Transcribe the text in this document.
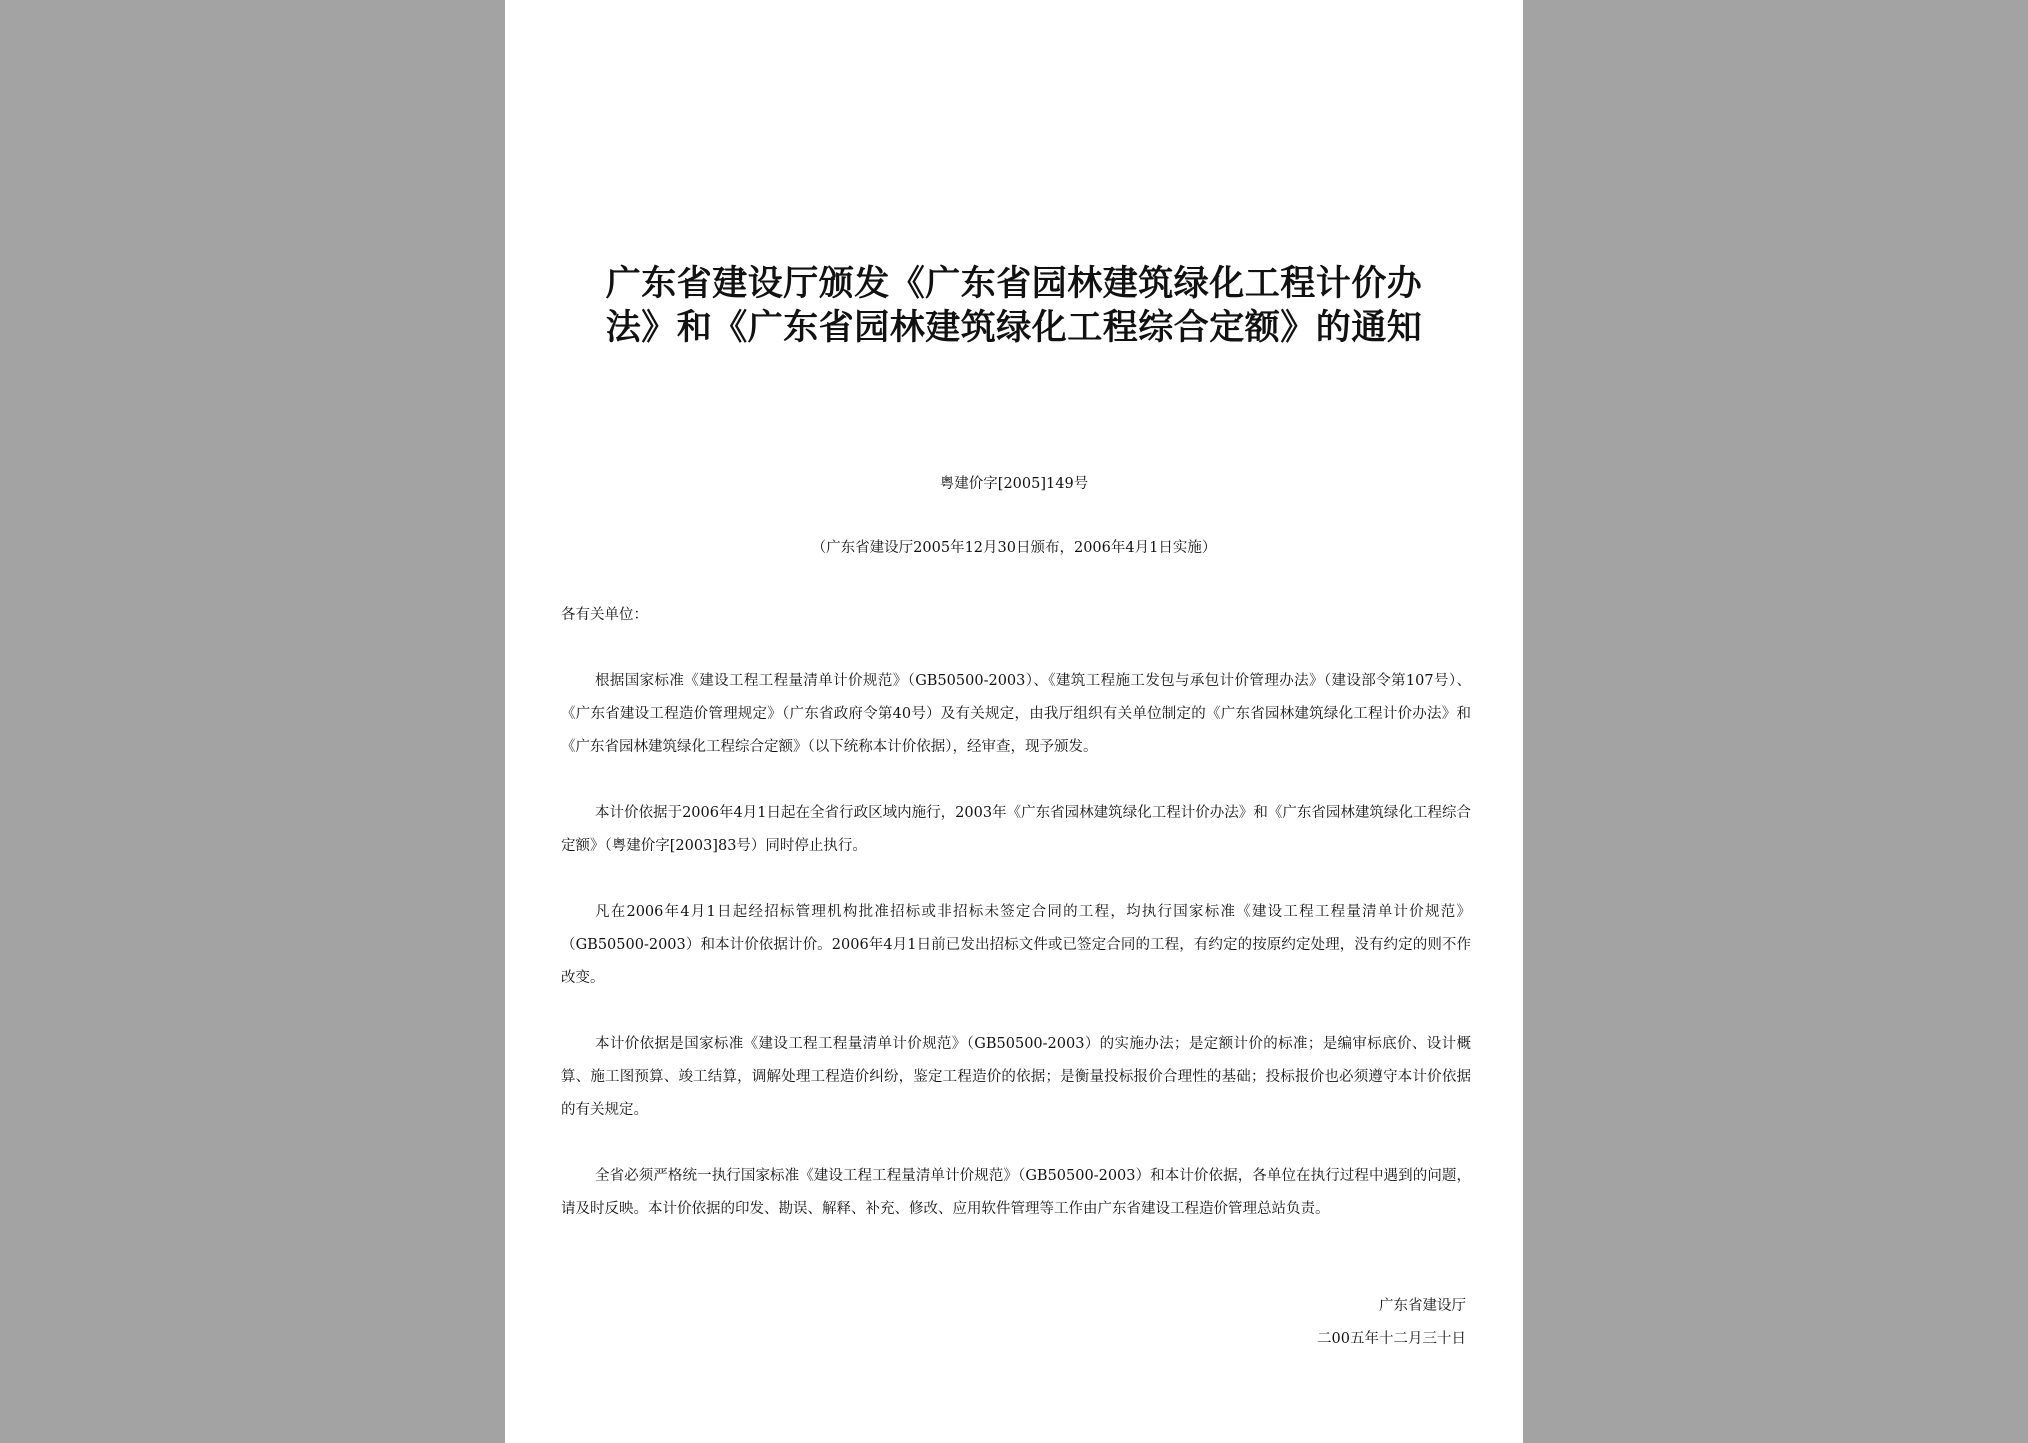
广东省建设厅颁发《广东省园林建筑绿化工程计价办
法》和《广东省园林建筑绿化工程综合定额》的通知
粤建价字[2005]149号
（广东省建设厅2005年12月30日颁布，2006年4月1日实施）
各有关单位：

根据国家标准《建设工程工程量清单计价规范》（GB50500-2003）、《建筑工程施工发包与承包计价管理办法》（建设部令第107号）、《广东省建设工程造价管理规定》（广东省政府令第40号）及有关规定，由我厅组织有关单位制定的《广东省园林建筑绿化工程计价办法》和《广东省园林建筑绿化工程综合定额》（以下统称本计价依据），经审查，现予颁发。

本计价依据于2006年4月1日起在全省行政区域内施行，2003年《广东省园林建筑绿化工程计价办法》和《广东省园林建筑绿化工程综合定额》（粤建价字[2003]83号）同时停止执行。

凡在2006年4月1日起经招标管理机构批准招标或非招标未签定合同的工程，均执行国家标准《建设工程工程量清单计价规范》（GB50500-2003）和本计价依据计价。2006年4月1日前已发出招标文件或已签定合同的工程，有约定的按原约定处理，没有约定的则不作改变。

本计价依据是国家标准《建设工程工程量清单计价规范》（GB50500-2003）的实施办法；是定额计价的标准；是编审标底价、设计概算、施工图预算、竣工结算，调解处理工程造价纠纷，鉴定工程造价的依据；是衡量投标报价合理性的基础；投标报价也必须遵守本计价依据的有关规定。

全省必须严格统一执行国家标准《建设工程工程量清单计价规范》（GB50500-2003）和本计价依据，各单位在执行过程中遇到的问题，请及时反映。本计价依据的印发、勘误、解释、补充、修改、应用软件管理等工作由广东省建设工程造价管理总站负责。

广东省建设厅
二00五年十二月三十日
